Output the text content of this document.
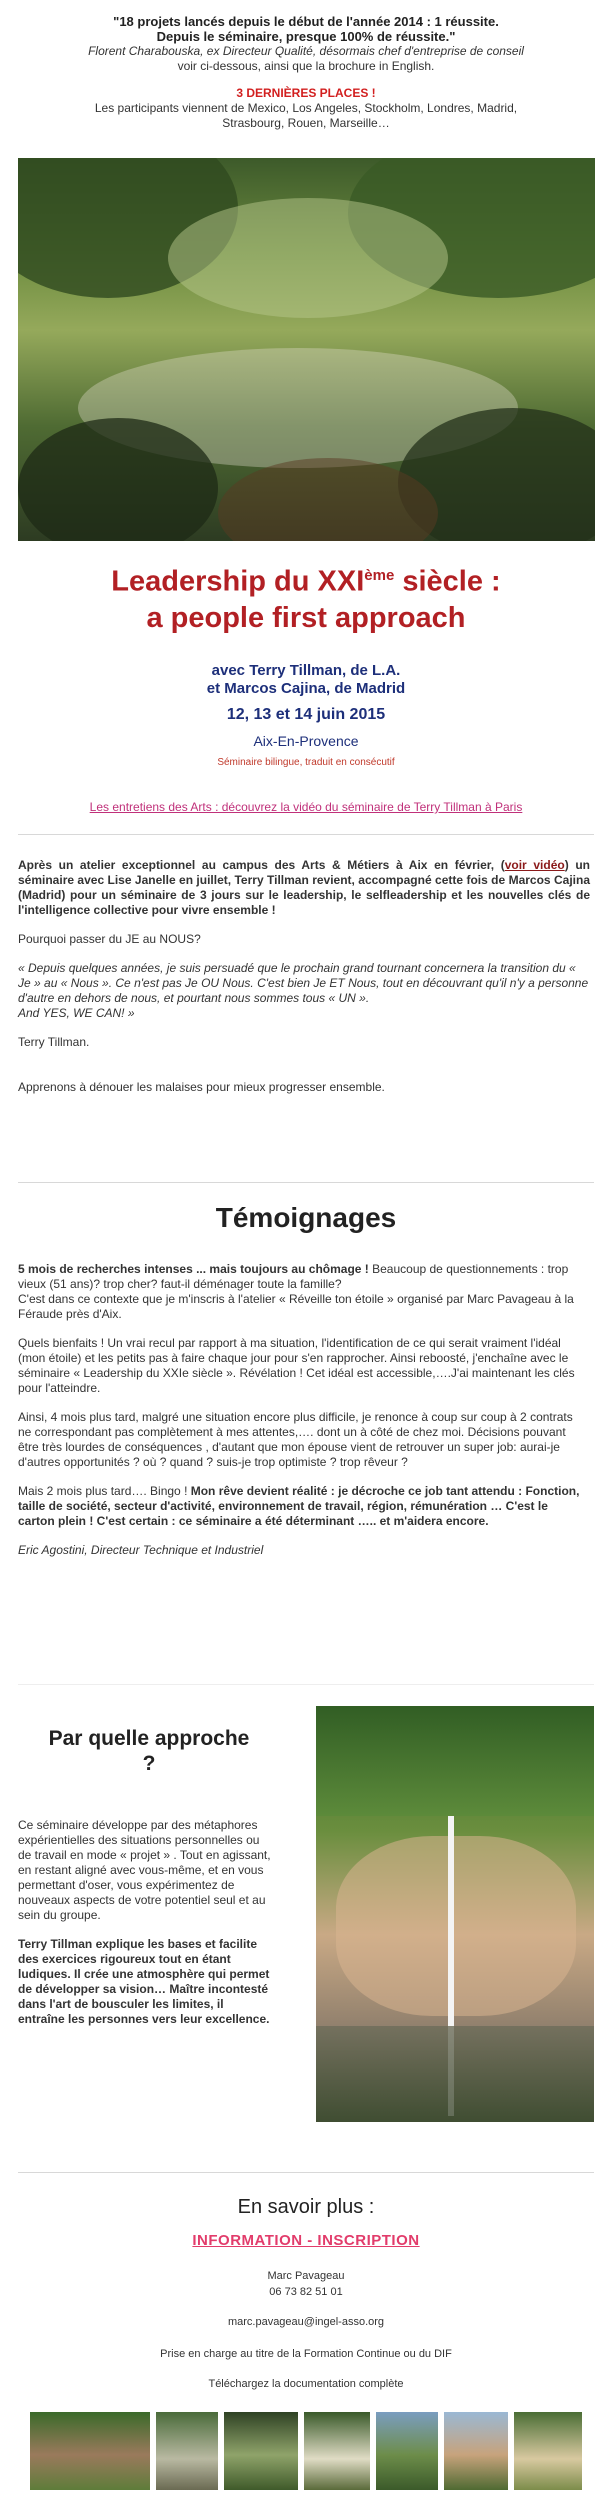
"18 projets lancés depuis le début de l'année 2014 : 1 réussite.
Depuis le séminaire, presque 100% de réussite."
Florent Charabouska, ex Directeur Qualité, désormais chef d'entreprise de conseil
voir ci-dessous, ainsi que la brochure in English.
3 DERNIÈRES PLACES !
Les participants viennent de Mexico, Los Angeles, Stockholm, Londres, Madrid,
Strasbourg, Rouen, Marseille…
Leadership du XXIème siècle :
a people first approach
avec Terry Tillman, de L.A.
et Marcos Cajina, de Madrid
12, 13 et 14 juin 2015
Aix-En-Provence
Séminaire bilingue, traduit en consécutif
Les entretiens des Arts : découvrez la vidéo du séminaire de Terry Tillman à Paris

Après un atelier exceptionnel au campus des Arts & Métiers à Aix en février, (voir vidéo) un séminaire avec Lise Janelle en juillet, Terry Tillman revient, accompagné cette fois de Marcos Cajina (Madrid) pour un séminaire de 3 jours sur le leadership, le selfleadership et les nouvelles clés de l'intelligence collective pour vivre ensemble !

Pourquoi passer du JE au NOUS?

« Depuis quelques années, je suis persuadé que le prochain grand tournant concernera la transition du « Je » au « Nous ». Ce n'est pas Je OU Nous. C'est bien Je ET Nous, tout en découvrant qu'il n'y a personne d'autre en dehors de nous, et pourtant nous sommes tous « UN ».

And YES, WE CAN! »

Terry Tillman.

Apprenons à dénouer les malaises pour mieux progresser ensemble.

Témoignages

5 mois de recherches intenses ... mais toujours au chômage ! Beaucoup de questionnements : trop vieux (51 ans)? trop cher? faut-il déménager toute la famille?

C'est dans ce contexte que je m'inscris à l'atelier « Réveille ton étoile » organisé par Marc Pavageau à la Féraude près d'Aix.

Quels bienfaits ! Un vrai recul par rapport à ma situation, l'identification de ce qui serait vraiment l'idéal (mon étoile) et les petits pas à faire chaque jour pour s'en rapprocher. Ainsi reboosté, j'enchaîne avec le séminaire « Leadership du XXIe siècle ». Révélation ! Cet idéal est accessible,….J'ai maintenant les clés pour l'atteindre.

Ainsi, 4 mois plus tard, malgré une situation encore plus difficile, je renonce à coup sur coup à 2 contrats ne correspondant pas complètement à mes attentes,…. dont un à côté de chez moi. Décisions pouvant être très lourdes de conséquences , d'autant que mon épouse vient de retrouver un super job: aurai-je d'autres opportunités ? où ? quand ? suis-je trop optimiste ? trop rêveur ?

Mais 2 mois plus tard…. Bingo ! Mon rêve devient réalité : je décroche ce job tant attendu : Fonction, taille de société, secteur d'activité, environnement de travail, région, rémunération … C'est le carton plein ! C'est certain : ce séminaire a été déterminant ….. et m'aidera encore.

Eric Agostini, Directeur Technique et Industriel

Par quelle approche
?

Ce séminaire développe par des métaphores expérientielles des situations personnelles ou de travail en mode « projet » . Tout en agissant, en restant aligné avec vous-même, et en vous permettant d'oser, vous expérimentez de nouveaux aspects de votre potentiel seul et au sein du groupe.

Terry Tillman explique les bases et facilite des exercices rigoureux tout en étant ludiques. Il crée une atmosphère qui permet de développer sa vision… Maître incontesté dans l'art de bousculer les limites, il entraîne les personnes vers leur excellence.

En savoir plus :
INFORMATION - INSCRIPTION
Marc Pavageau
06 73 82 51 01
marc.pavageau@ingel-asso.org
Prise en charge au titre de la Formation Continue ou du DIF
Téléchargez la documentation complète
